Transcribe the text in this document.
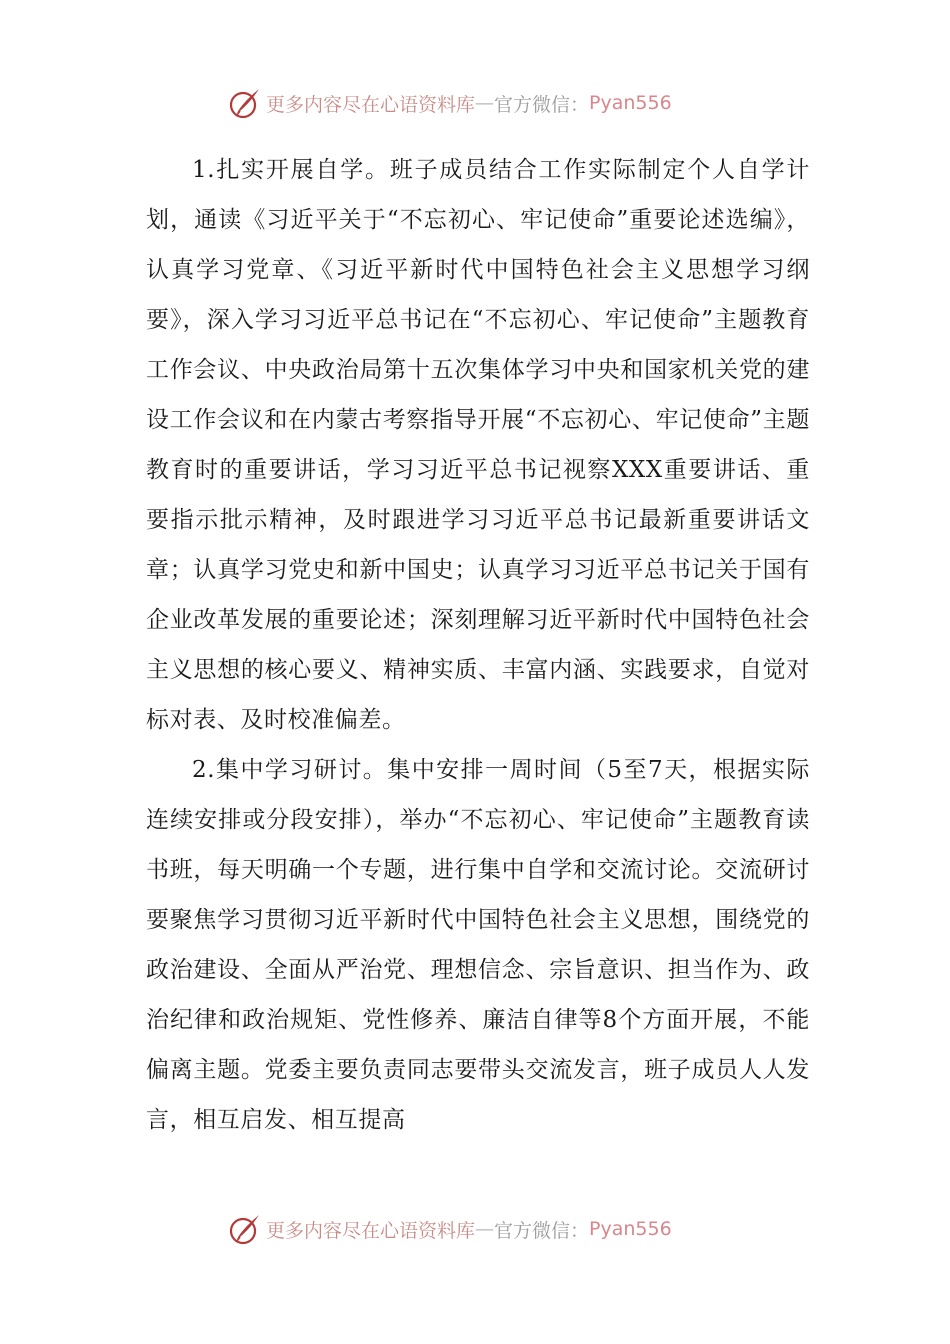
更多内容尽在心语资料库 — 官方微信： Pyan556

1.扎实开展自学。班子成员结合工作实际制定个人自学计划，通读《习近平关于“不忘初心、牢记使命”重要论述选编》，认真学习党章、《习近平新时代中国特色社会主义思想学习纲要》，深入学习习近平总书记在“不忘初心、牢记使命”主题教育工作会议、中央政治局第十五次集体学习中央和国家机关党的建设工作会议和在内蒙古考察指导开展“不忘初心、牢记使命”主题教育时的重要讲话，学习习近平总书记视察XXX重要讲话、重要指示批示精神，及时跟进学习习近平总书记最新重要讲话文章；认真学习党史和新中国史；认真学习习近平总书记关于国有企业改革发展的重要论述；深刻理解习近平新时代中国特色社会主义思想的核心要义、精神实质、丰富内涵、实践要求，自觉对标对表、及时校准偏差。

2.集中学习研讨。集中安排一周时间（5至7天，根据实际连续安排或分段安排），举办“不忘初心、牢记使命”主题教育读书班，每天明确一个专题，进行集中自学和交流讨论。交流研讨要聚焦学习贯彻习近平新时代中国特色社会主义思想，围绕党的政治建设、全面从严治党、理想信念、宗旨意识、担当作为、政治纪律和政治规矩、党性修养、廉洁自律等8个方面开展，不能偏离主题。党委主要负责同志要带头交流发言，班子成员人人发言，相互启发、相互提高

更多内容尽在心语资料库 — 官方微信： Pyan556
